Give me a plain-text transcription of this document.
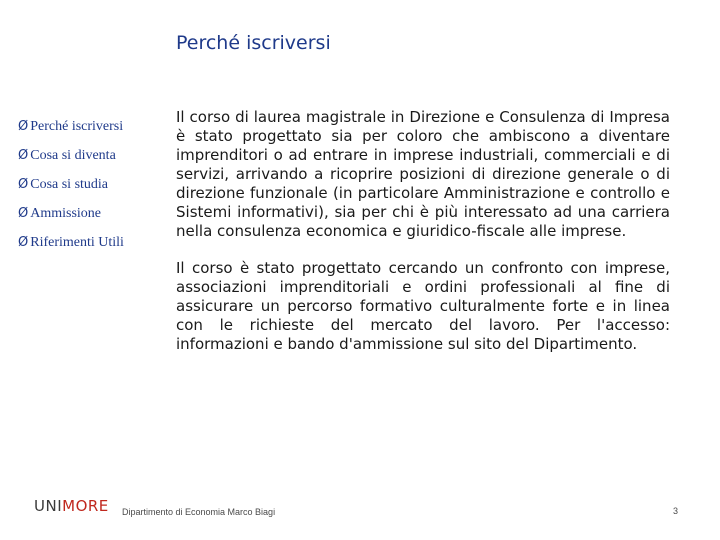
Perché iscriversi
Ø Perché iscriversi
Ø Cosa si diventa
Ø Cosa si studia
Ø Ammissione
Ø Riferimenti Utili

Il corso di laurea magistrale in Direzione e Consulenza di Impresa è stato progettato sia per coloro che ambiscono a diventare imprenditori o ad entrare in imprese industriali, commerciali e di servizi, arrivando a ricoprire posizioni di direzione generale o di direzione funzionale (in particolare Amministrazione e controllo e Sistemi informativi), sia per chi è più interessato ad una carriera nella consulenza economica e giuridico-fiscale alle imprese.

Il corso è stato progettato cercando un confronto con imprese, associazioni imprenditoriali e ordini professionali al fine di assicurare un percorso formativo culturalmente forte e in linea con le richieste del mercato del lavoro. Per l'accesso: informazioni e bando d'ammissione sul sito del Dipartimento.

UNIMORE Dipartimento di Economia Marco Biagi	3
